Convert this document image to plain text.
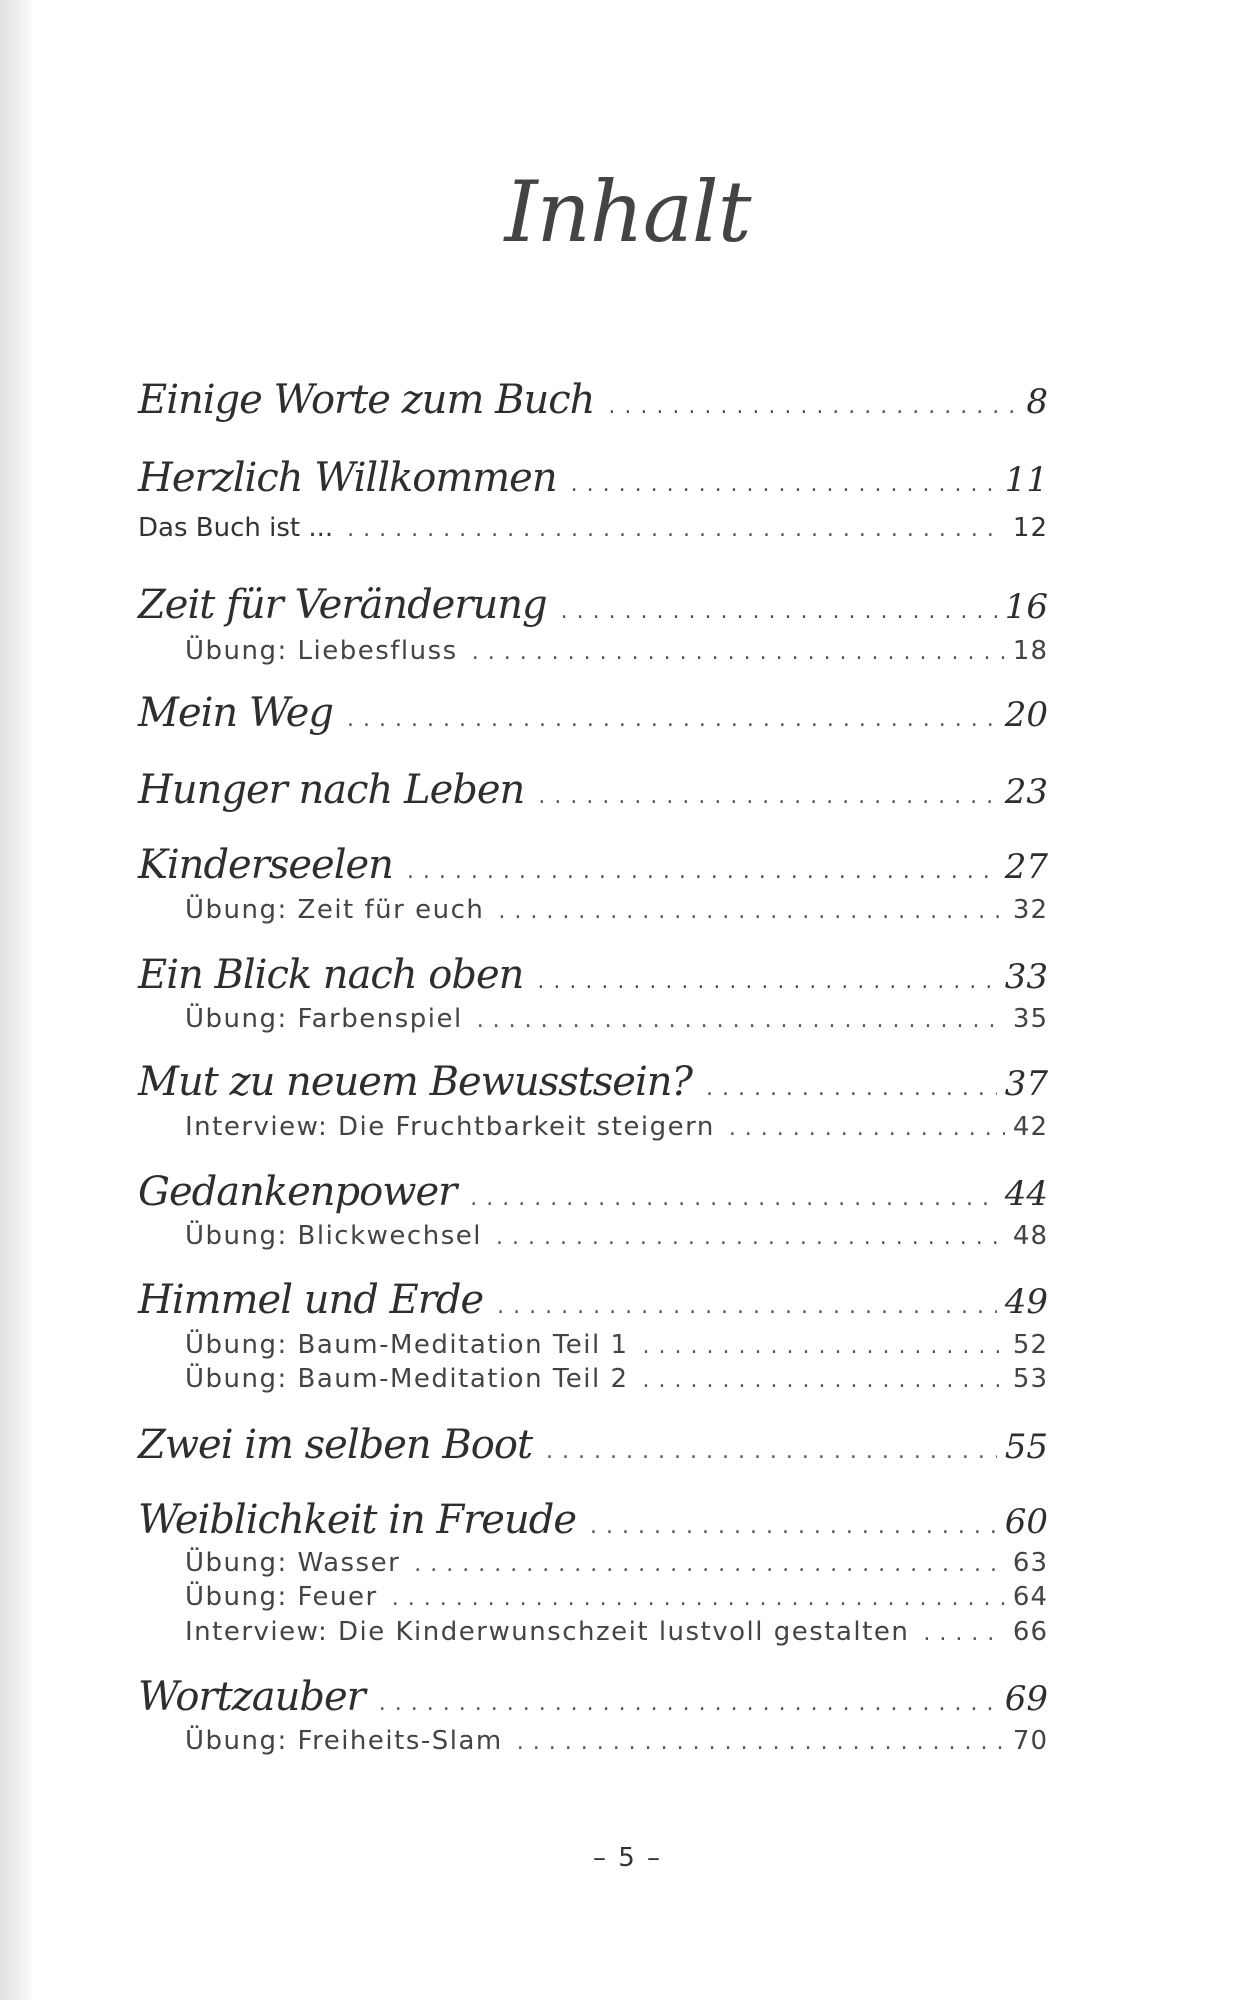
Inhalt
Einige Worte zum Buch .....	8
Herzlich Willkommen .....	11
Das Buch ist ... .....	12
Zeit für Veränderung .....	16
Übung: Liebesfluss .....	18
Mein Weg .....	20
Hunger nach Leben .....	23
Kinderseelen .....	27
Übung: Zeit für euch .....	32
Ein Blick nach oben .....	33
Übung: Farbenspiel .....	35
Mut zu neuem Bewusstsein? .....	37
Interview: Die Fruchtbarkeit steigern .....	42
Gedankenpower .....	44
Übung: Blickwechsel .....	48
Himmel und Erde .....	49
Übung: Baum-Meditation Teil 1 .....	52
Übung: Baum-Meditation Teil 2 .....	53
Zwei im selben Boot .....	55
Weiblichkeit in Freude .....	60
Übung: Wasser .....	63
Übung: Feuer .....	64
Interview: Die Kinderwunschzeit lustvoll gestalten .....	66
Wortzauber .....	69
Übung: Freiheits-Slam .....	70
– 5 –
